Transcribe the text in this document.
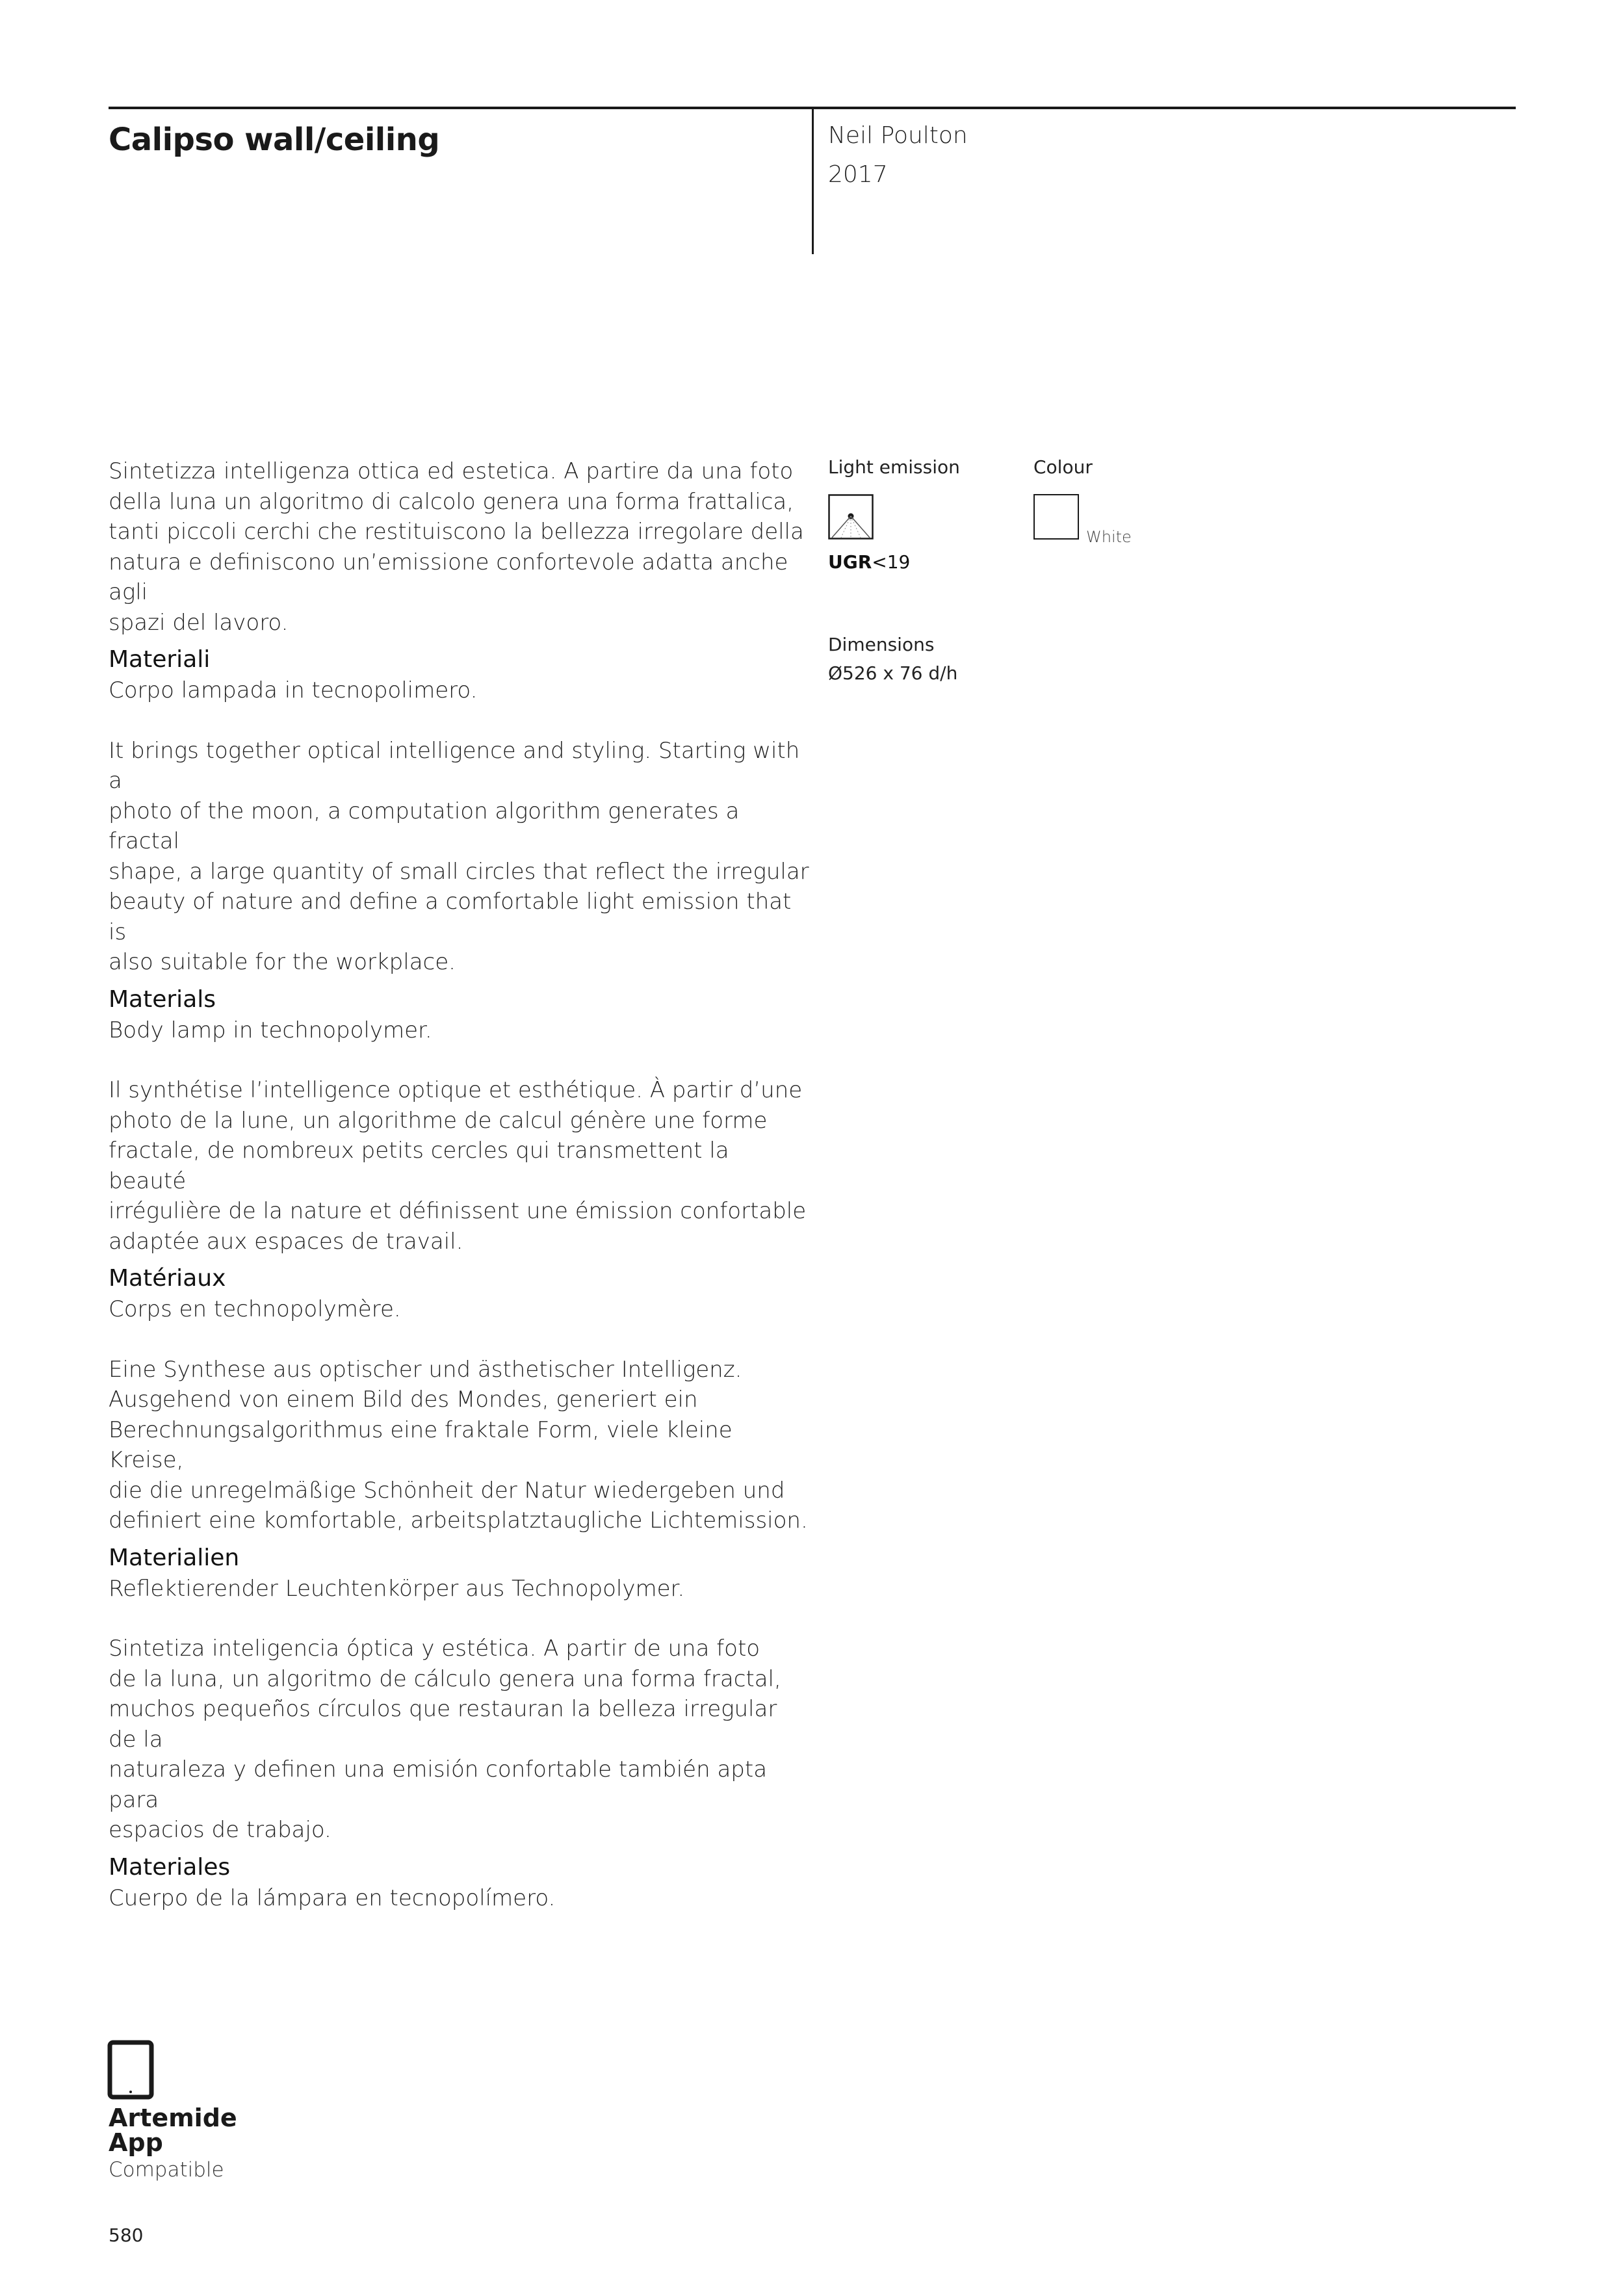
Calipso wall/ceiling	Neil Poulton
2017

Sintetizza intelligenza ottica ed estetica. A partire da una foto
della luna un algoritmo di calcolo genera una forma frattalica,
tanti piccoli cerchi che restituiscono la bellezza irregolare della
natura e definiscono un’emissione confortevole adatta anche agli
spazi del lavoro.

Materiali

Corpo lampada in tecnopolimero.

It brings together optical intelligence and styling. Starting with a
photo of the moon, a computation algorithm generates a fractal
shape, a large quantity of small circles that reflect the irregular
beauty of nature and define a comfortable light emission that is
also suitable for the workplace.

Materials

Body lamp in technopolymer.

Il synthétise l’intelligence optique et esthétique. À partir d’une
photo de la lune, un algorithme de calcul génère une forme
fractale, de nombreux petits cercles qui transmettent la beauté
irrégulière de la nature et définissent une émission confortable
adaptée aux espaces de travail.

Matériaux

Corps en technopolymère.

Eine Synthese aus optischer und ästhetischer Intelligenz.
Ausgehend von einem Bild des Mondes, generiert ein
Berechnungsalgorithmus eine fraktale Form, viele kleine Kreise,
die die unregelmäßige Schönheit der Natur wiedergeben und
definiert eine komfortable, arbeitsplatztaugliche Lichtemission.

Materialien

Reflektierender Leuchtenkörper aus Technopolymer.

Sintetiza inteligencia óptica y estética. A partir de una foto
de la luna, un algoritmo de cálculo genera una forma fractal,
muchos pequeños círculos que restauran la belleza irregular de la
naturaleza y definen una emisión confortable también apta para
espacios de trabajo.

Materiales

Cuerpo de la lámpara en tecnopolímero.

Light emission	Colour
White
UGR<19
Dimensions
Ø526 x 76 d/h
Artemide
App
Compatible
580
